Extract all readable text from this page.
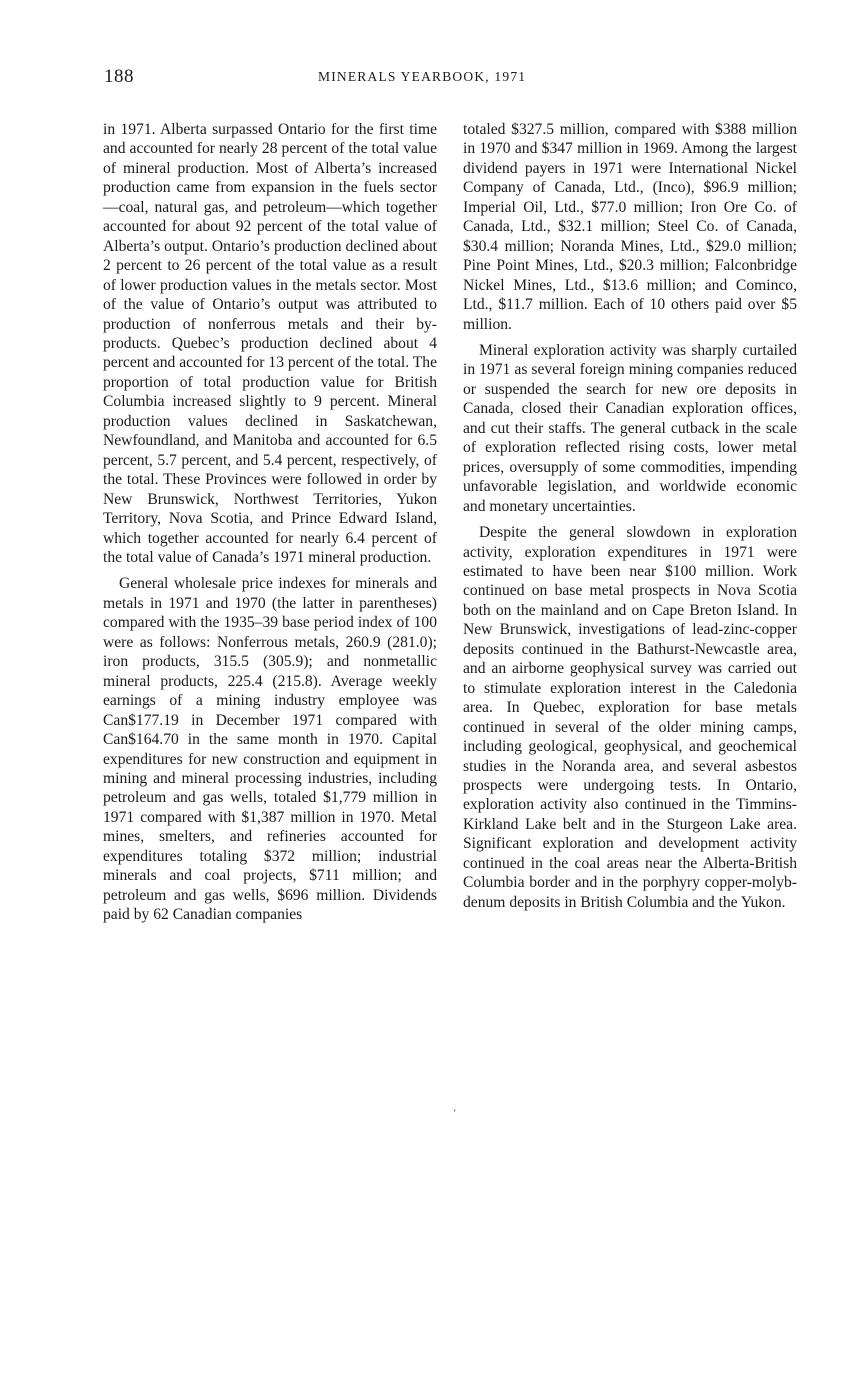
188	MINERALS YEARBOOK, 1971

in 1971. Alberta surpassed Ontario for the first time and accounted for nearly 28 percent of the total value of mineral production. Most of Alberta’s increased production came from expansion in the fuels sector—coal, natural gas, and petroleum—which together accounted for about 92 percent of the total value of Alberta’s output. Ontario’s production declined about 2 percent to 26 percent of the total value as a result of lower production values in the metals sector. Most of the value of Ontario’s output was attributed to production of nonferrous metals and their byproducts. Quebec’s production declined about 4 percent and accounted for 13 percent of the total. The proportion of total production value for British Columbia increased slightly to 9 percent. Mineral production values declined in Saskatchewan, Newfoundland, and Manitoba and accounted for 6.5 percent, 5.7 percent, and 5.4 percent, respectively, of the total. These Provinces were followed in order by New Brunswick, Northwest Territories, Yukon Territory, Nova Scotia, and Prince Edward Island, which together accounted for nearly 6.4 percent of the total value of Canada’s 1971 mineral production.

General wholesale price indexes for minerals and metals in 1971 and 1970 (the latter in parentheses) compared with the 1935–39 base period index of 100 were as follows: Nonferrous metals, 260.9 (281.0); iron products, 315.5 (305.9); and nonmetallic mineral products, 225.4 (215.8). Average weekly earnings of a mining industry employee was Can$177.19 in December 1971 compared with Can$164.70 in the same month in 1970. Capital expenditures for new construction and equipment in mining and mineral processing industries, including petroleum and gas wells, totaled $1,779 million in 1971 compared with $1,387 million in 1970. Metal mines, smelters, and refineries accounted for expenditures totaling $372 million; industrial minerals and coal projects, $711 million; and petroleum and gas wells, $696 million. Dividends paid by 62 Canadian companies

totaled $327.5 million, compared with $388 million in 1970 and $347 million in 1969. Among the largest dividend payers in 1971 were International Nickel Company of Canada, Ltd., (Inco), $96.9 million; Imperial Oil, Ltd., $77.0 million; Iron Ore Co. of Canada, Ltd., $32.1 million; Steel Co. of Canada, $30.4 million; Noranda Mines, Ltd., $29.0 million; Pine Point Mines, Ltd., $20.3 million; Falconbridge Nickel Mines, Ltd., $13.6 million; and Cominco, Ltd., $11.7 million. Each of 10 others paid over $5 million.

Mineral exploration activity was sharply curtailed in 1971 as several foreign mining companies reduced or suspended the search for new ore deposits in Canada, closed their Canadian exploration offices, and cut their staffs. The general cutback in the scale of exploration reflected rising costs, lower metal prices, oversupply of some commodities, impending unfavorable legislation, and worldwide economic and monetary uncertainties.

Despite the general slowdown in exploration activity, exploration expenditures in 1971 were estimated to have been near $100 million. Work continued on base metal prospects in Nova Scotia both on the mainland and on Cape Breton Island. In New Brunswick, investigations of lead-zinc-copper deposits continued in the Bathurst-Newcastle area, and an airborne geophysical survey was carried out to stimulate exploration interest in the Caledonia area. In Quebec, exploration for base metals continued in several of the older mining camps, including geological, geophysical, and geochemical studies in the Noranda area, and several asbestos prospects were undergoing tests. In Ontario, exploration activity also continued in the Timmins-Kirkland Lake belt and in the Sturgeon Lake area. Significant exploration and development activity continued in the coal areas near the Alberta-British Columbia border and in the porphyry copper-molybdenum deposits in British Columbia and the Yukon.

‘
